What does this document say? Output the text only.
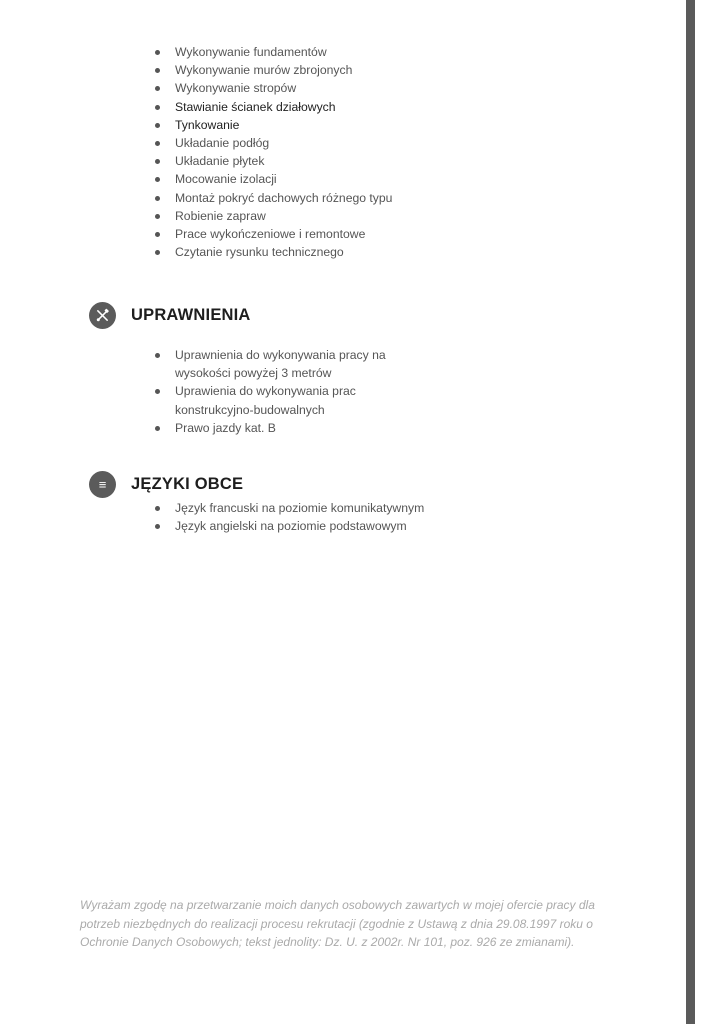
Wykonywanie fundamentów
Wykonywanie murów zbrojonych
Wykonywanie stropów
Stawianie ścianek działowych
Tynkowanie
Układanie podłóg
Układanie płytek
Mocowanie izolacji
Montaż pokryć dachowych różnego typu
Robienie zapraw
Prace wykończeniowe i remontowe
Czytanie rysunku technicznego
UPRAWNIENIA
Uprawnienia do wykonywania pracy na wysokości powyżej 3 metrów
Uprawienia do wykonywania prac konstrukcyjno-budowalnych
Prawo jazdy kat. B
≡	JĘZYKI OBCE
Język francuski na poziomie komunikatywnym
Język angielski na poziomie podstawowym

Wyrażam zgodę na przetwarzanie moich danych osobowych zawartych w mojej ofercie pracy dla potrzeb niezbędnych do realizacji procesu rekrutacji (zgodnie z Ustawą z dnia 29.08.1997 roku o Ochronie Danych Osobowych; tekst jednolity: Dz. U. z 2002r. Nr 101, poz. 926 ze zmianami).
